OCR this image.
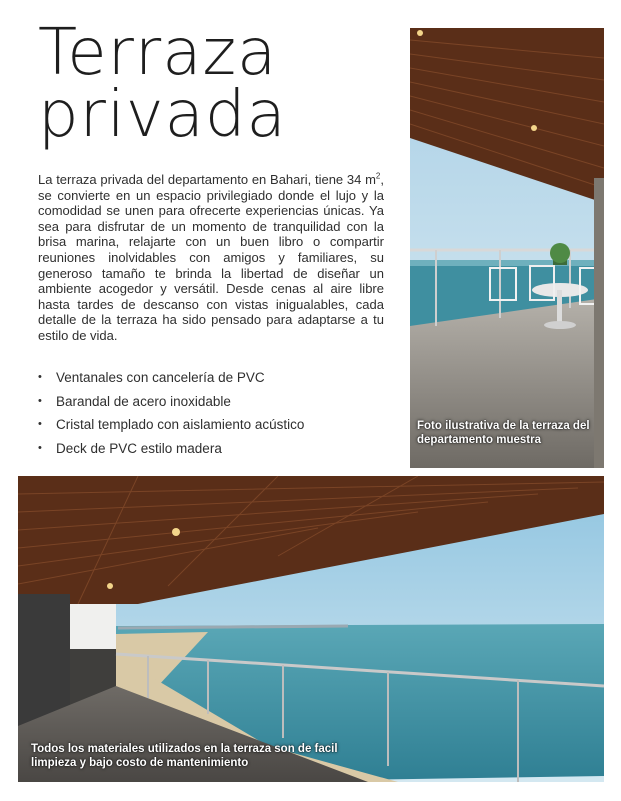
Terraza
privada

La terraza privada del departamento en Bahari, tiene 34 $m^2$, se convierte en un espacio privilegiado donde el lujo y la comodidad se unen para ofrecerte experiencias únicas. Ya sea para disfrutar de un momento de tranquilidad con la brisa marina, relajarte con un buen libro o compartir reuniones inolvidables con amigos y familiares, su generoso tamaño te brinda la libertad de diseñar un ambiente acogedor y versátil. Desde cenas al aire libre hasta tardes de descanso con vistas inigualables, cada detalle de la terraza ha sido pensado para adaptarse a tu estilo de vida.

• Ventanales con cancelería de PVC
• Barandal de acero inoxidable
• Cristal templado con aislamiento acústico
• Deck de PVC estilo madera

Foto ilustrativa de la terraza del departamento muestra

Todos los materiales utilizados en la terraza son de facil limpieza y bajo costo de mantenimiento
